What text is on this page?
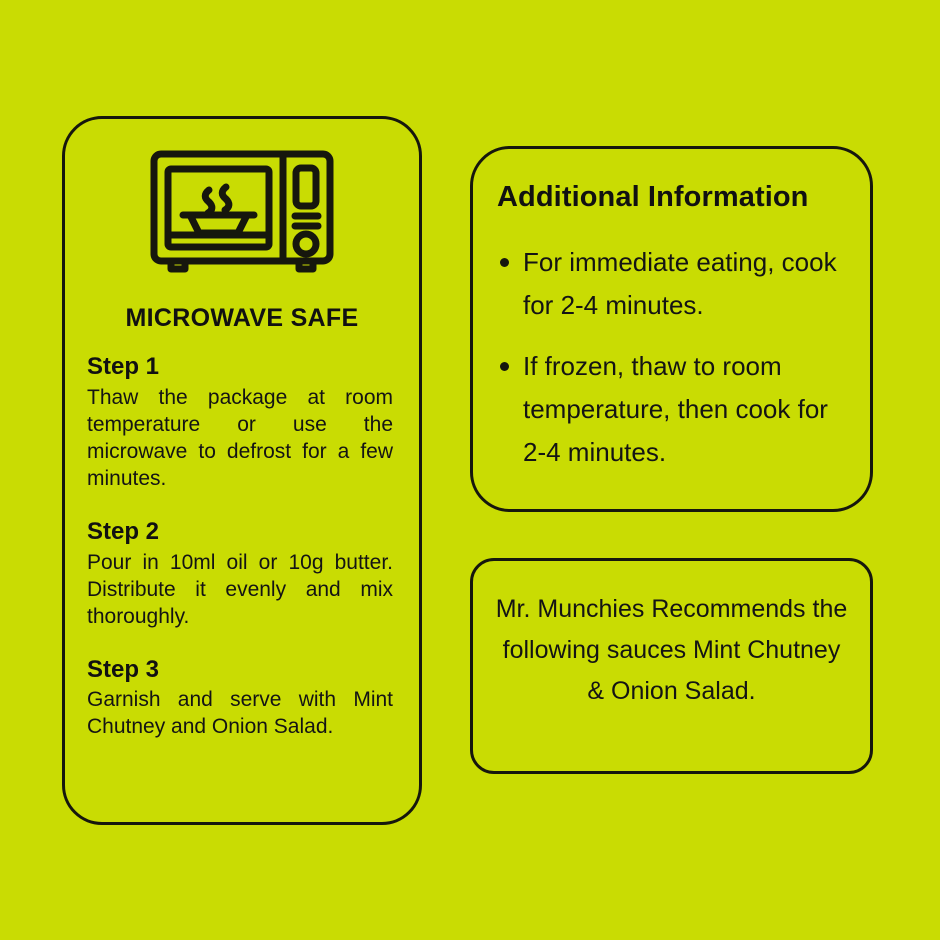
MICROWAVE SAFE
Step 1
Thaw the package at room temperature or use the microwave to defrost for a few minutes.
Step 2
Pour in 10ml oil or 10g butter. Distribute it evenly and mix thoroughly.
Step 3
Garnish and serve with Mint Chutney and Onion Salad.
Additional Information
For immediate eating, cook for 2-4 minutes.
If frozen, thaw to room temperature, then cook for 2-4 minutes.
Mr. Munchies Recommends the following sauces Mint Chutney & Onion Salad.
